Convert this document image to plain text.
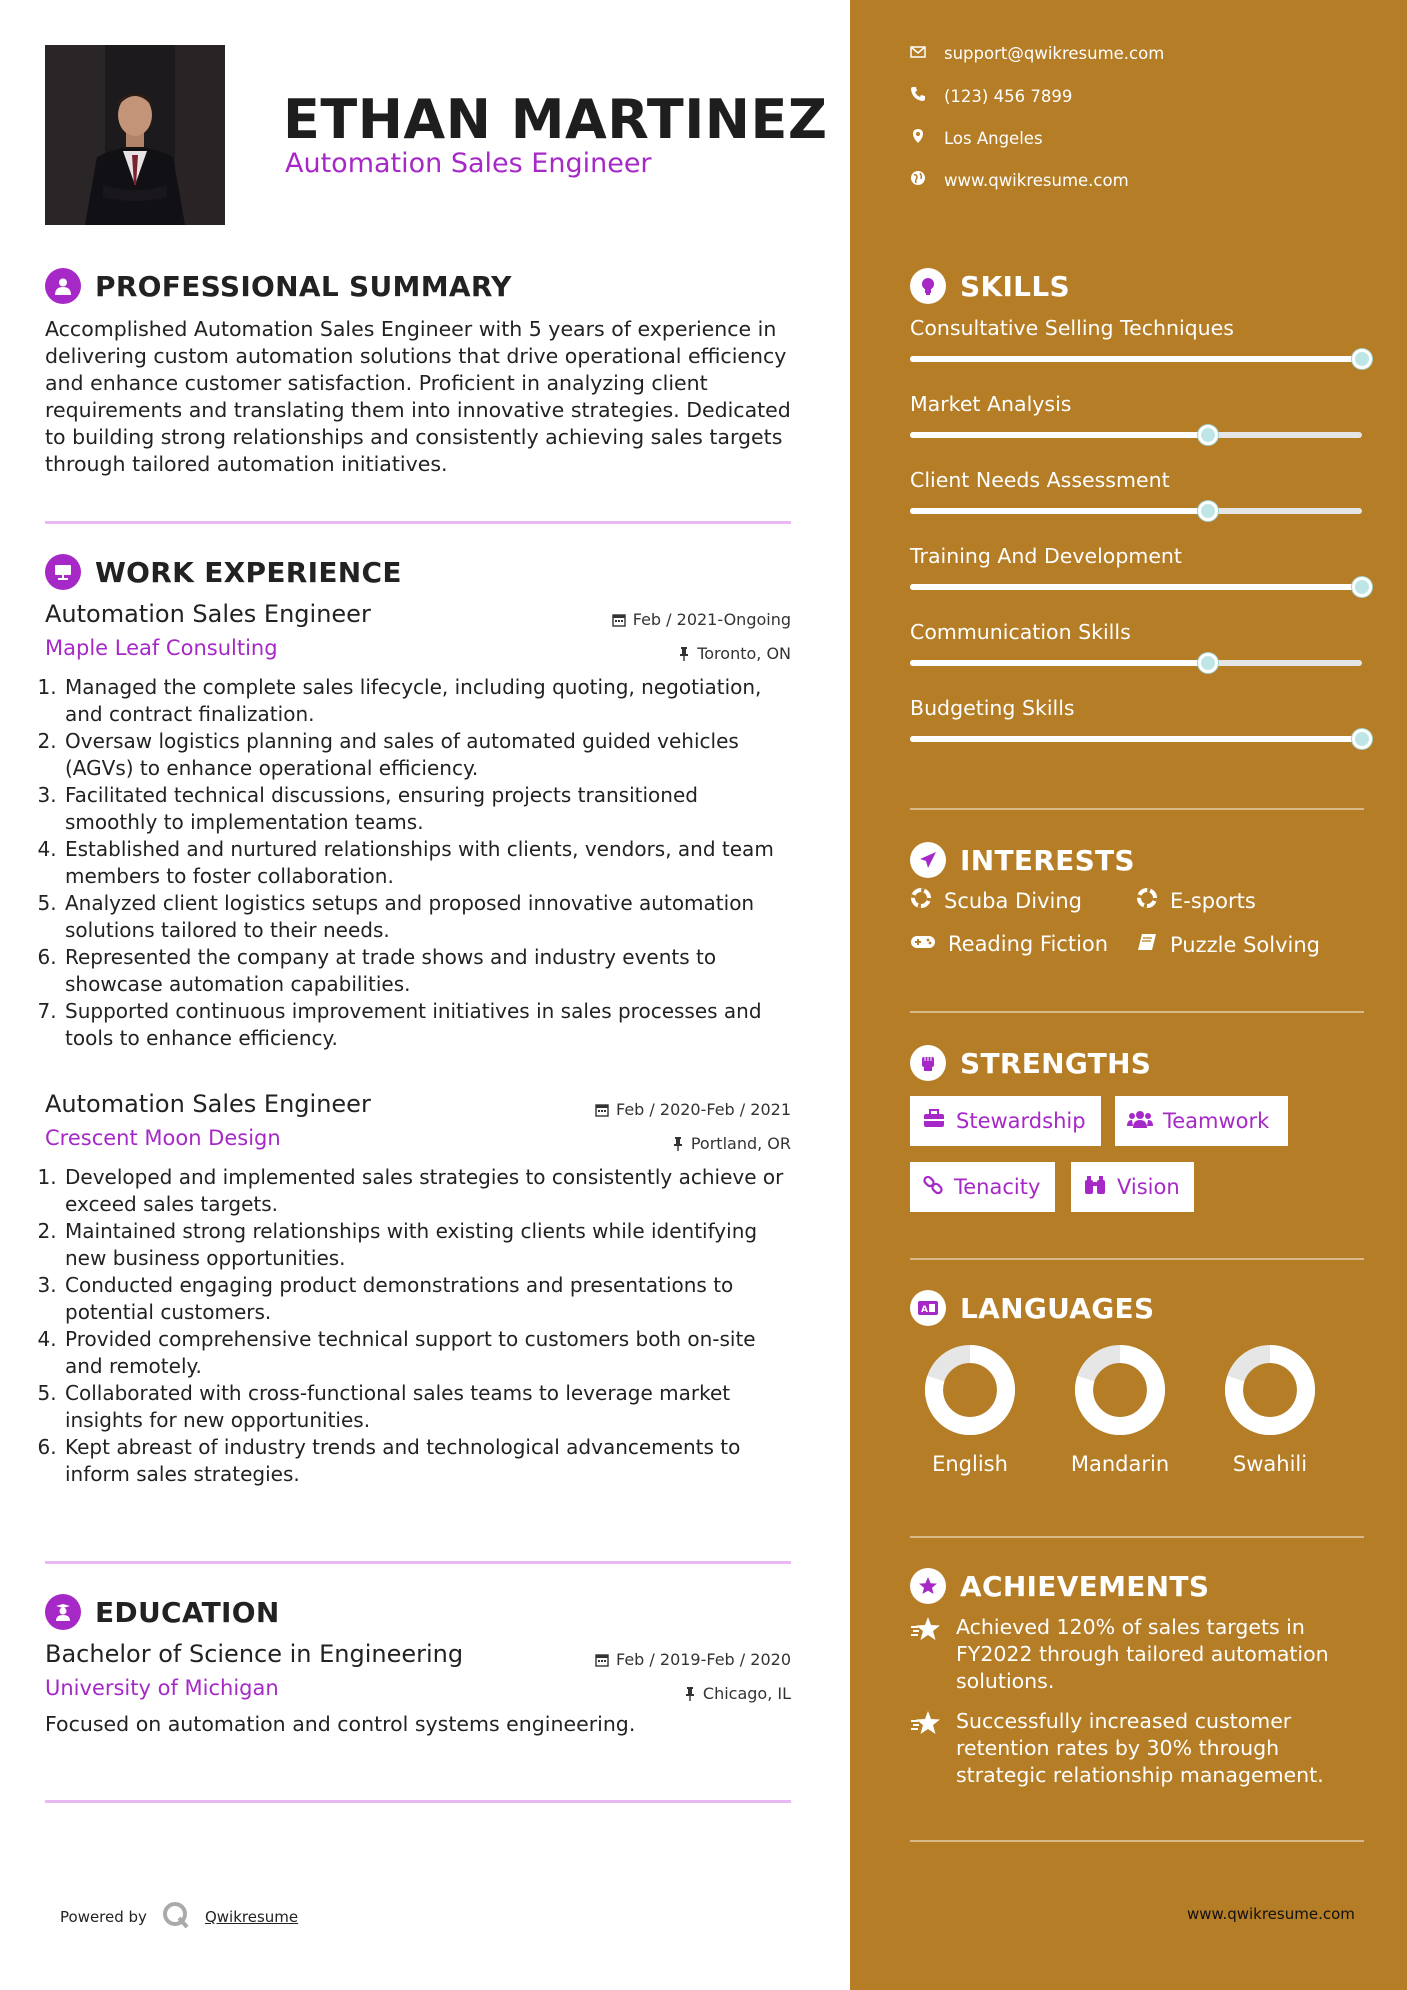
ETHAN MARTINEZ
Automation Sales Engineer
PROFESSIONAL SUMMARY
Accomplished Automation Sales Engineer with 5 years of experience in delivering custom automation solutions that drive operational efficiency and enhance customer satisfaction. Proficient in analyzing client requirements and translating them into innovative strategies. Dedicated to building strong relationships and consistently achieving sales targets through tailored automation initiatives.
WORK EXPERIENCE
Automation Sales Engineer
Maple Leaf Consulting
Feb / 2021-Ongoing
Toronto, ON
1. Managed the complete sales lifecycle, including quoting, negotiation, and contract finalization.
2. Oversaw logistics planning and sales of automated guided vehicles (AGVs) to enhance operational efficiency.
3. Facilitated technical discussions, ensuring projects transitioned smoothly to implementation teams.
4. Established and nurtured relationships with clients, vendors, and team members to foster collaboration.
5. Analyzed client logistics setups and proposed innovative automation solutions tailored to their needs.
6. Represented the company at trade shows and industry events to showcase automation capabilities.
7. Supported continuous improvement initiatives in sales processes and tools to enhance efficiency.
Automation Sales Engineer
Crescent Moon Design
Feb / 2020-Feb / 2021
Portland, OR
1. Developed and implemented sales strategies to consistently achieve or exceed sales targets.
2. Maintained strong relationships with existing clients while identifying new business opportunities.
3. Conducted engaging product demonstrations and presentations to potential customers.
4. Provided comprehensive technical support to customers both on-site and remotely.
5. Collaborated with cross-functional sales teams to leverage market insights for new opportunities.
6. Kept abreast of industry trends and technological advancements to inform sales strategies.
EDUCATION
Bachelor of Science in Engineering
University of Michigan
Feb / 2019-Feb / 2020
Chicago, IL
Focused on automation and control systems engineering.
Powered by	Qwikresume
support@qwikresume.com
(123) 456 7899
Los Angeles
www.qwikresume.com
SKILLS
Consultative Selling Techniques
Market Analysis
Client Needs Assessment
Training And Development
Communication Skills
Budgeting Skills
INTERESTS
Scuba Diving	E-sports
Reading Fiction	Puzzle Solving
STRENGTHS
Stewardship	Teamwork
Tenacity	Vision
A LANGUAGES
English	Mandarin	Swahili
ACHIEVEMENTS
Achieved 120% of sales targets in FY2022 through tailored automation solutions.
Successfully increased customer retention rates by 30% through strategic relationship management.
www.qwikresume.com
